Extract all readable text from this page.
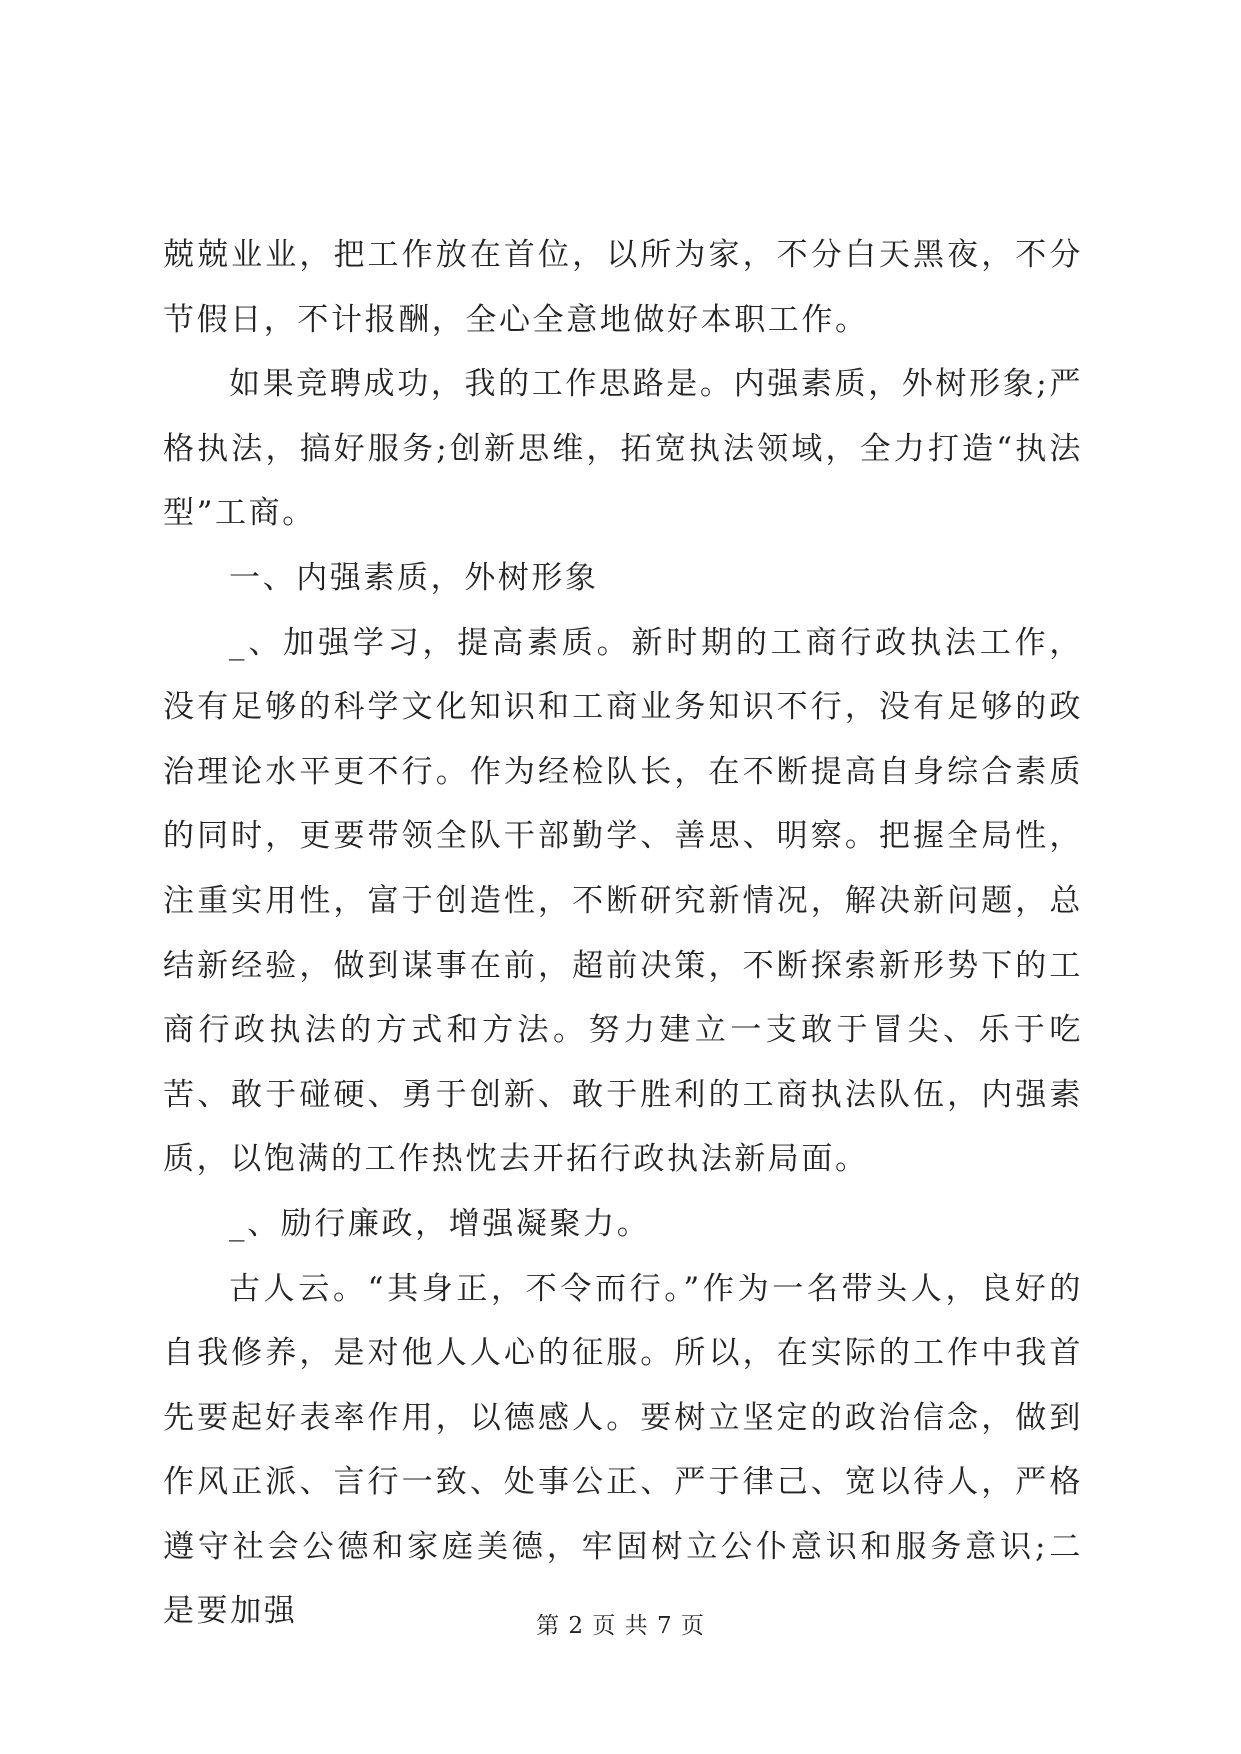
兢兢业业，把工作放在首位，以所为家，不分白天黑夜，不分节假日，不计报酬，全心全意地做好本职工作。

如果竞聘成功，我的工作思路是。内强素质，外树形象;严格执法，搞好服务;创新思维，拓宽执法领域，全力打造“执法型”工商。

一、内强素质，外树形象

_、加强学习，提高素质。新时期的工商行政执法工作，没有足够的科学文化知识和工商业务知识不行，没有足够的政治理论水平更不行。作为经检队长，在不断提高自身综合素质的同时，更要带领全队干部勤学、善思、明察。把握全局性，注重实用性，富于创造性，不断研究新情况，解决新问题，总结新经验，做到谋事在前，超前决策，不断探索新形势下的工商行政执法的方式和方法。努力建立一支敢于冒尖、乐于吃苦、敢于碰硬、勇于创新、敢于胜利的工商执法队伍，内强素质，以饱满的工作热忱去开拓行政执法新局面。

_、励行廉政，增强凝聚力。

古人云。“其身正，不令而行。”作为一名带头人，良好的自我修养，是对他人人心的征服。所以，在实际的工作中我首先要起好表率作用，以德感人。要树立坚定的政治信念，做到作风正派、言行一致、处事公正、严于律己、宽以待人，严格遵守社会公德和家庭美德，牢固树立公仆意识和服务意识;二是要加强	第 2 页 共 7 页
